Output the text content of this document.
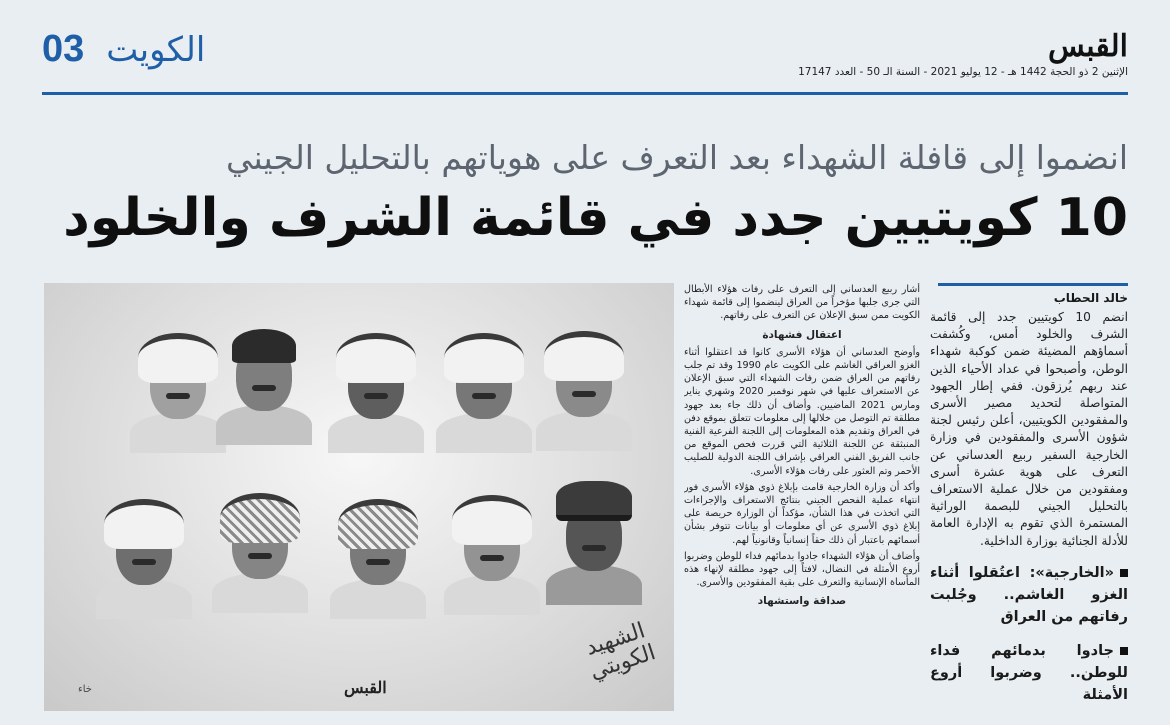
القبس
الإثنين 2 ذو الحجة 1442 هـ - 12 يوليو 2021 - السنة الـ 50 - العدد 17147
03 الكويت
انضموا إلى قافلة الشهداء بعد التعرف على هوياتهم بالتحليل الجيني
10 كويتيين جدد في قائمة الشرف والخلود
الشهيد الكويتي
القبس
خاء

أشار ربيع العدساني إلى التعرف على رفات هؤلاء الأبطال التي جرى جلبها مؤخراً من العراق لينضموا إلى قائمة شهداء الكويت ممن سبق الإعلان عن التعرف على رفاتهم.

اعتقال فشهادة

وأوضح العدساني أن هؤلاء الأسرى كانوا قد اعتقلوا أثناء الغزو العراقي الغاشم على الكويت عام 1990 وقد تم جلب رفاتهم من العراق ضمن رفات الشهداء التي سبق الإعلان عن الاستعراف عليها في شهر نوفمبر 2020 وشهري يناير ومارس 2021 الماضيين. وأضاف أن ذلك جاء بعد جهود مطلقة تم التوصل من خلالها إلى معلومات تتعلق بموقع دفن في العراق وتقديم هذه المعلومات إلى اللجنة الفرعية الفنية المنبثقة عن اللجنة الثلاثية التي قررت فحص الموقع من جانب الفريق الفني العراقي بإشراف اللجنة الدولية للصليب الأحمر وتم العثور على رفات هؤلاء الأسرى.

وأكد أن وزارة الخارجية قامت بإبلاغ ذوي هؤلاء الأسرى فور انتهاء عملية الفحص الجيني بنتائج الاستعراف والإجراءات التي اتخذت في هذا الشأن، مؤكداً أن الوزارة حريصة على إبلاغ ذوي الأسرى عن أي معلومات أو بيانات تتوفر بشأن أسمائهم باعتبار أن ذلك حقاً إنسانياً وقانونياً لهم.

وأضاف أن هؤلاء الشهداء جادوا بدمائهم فداء للوطن وضربوا أروع الأمثلة في النضال، لافتاً إلى جهود مطلقة لإنهاء هذه المأساة الإنسانية والتعرف على بقية المفقودين والأسرى.

صداقة واستشهاد
خالد الحطاب

انضم 10 كويتيين جدد إلى قائمة الشرف والخلود أمس، وكُشفت أسماؤهم المضيئة ضمن كوكبة شهداء الوطن، وأصبحوا في عداد الأحياء الذين عند ربهم يُرزقون. ففي إطار الجهود المتواصلة لتحديد مصير الأسرى والمفقودين الكويتيين، أعلن رئيس لجنة شؤون الأسرى والمفقودين في وزارة الخارجية السفير ربيع العدساني عن التعرف على هوية عشرة أسرى ومفقودين من خلال عملية الاستعراف بالتحليل الجيني للبصمة الوراثية المستمرة الذي تقوم به الإدارة العامة للأدلة الجنائية بوزارة الداخلية.

«الخارجية»: اعتُقلوا أثناء الغزو الغاشم.. وجُلبت رفاتهم من العراق
جادوا بدمائهم فداء للوطن.. وضربوا أروع الأمثلة
